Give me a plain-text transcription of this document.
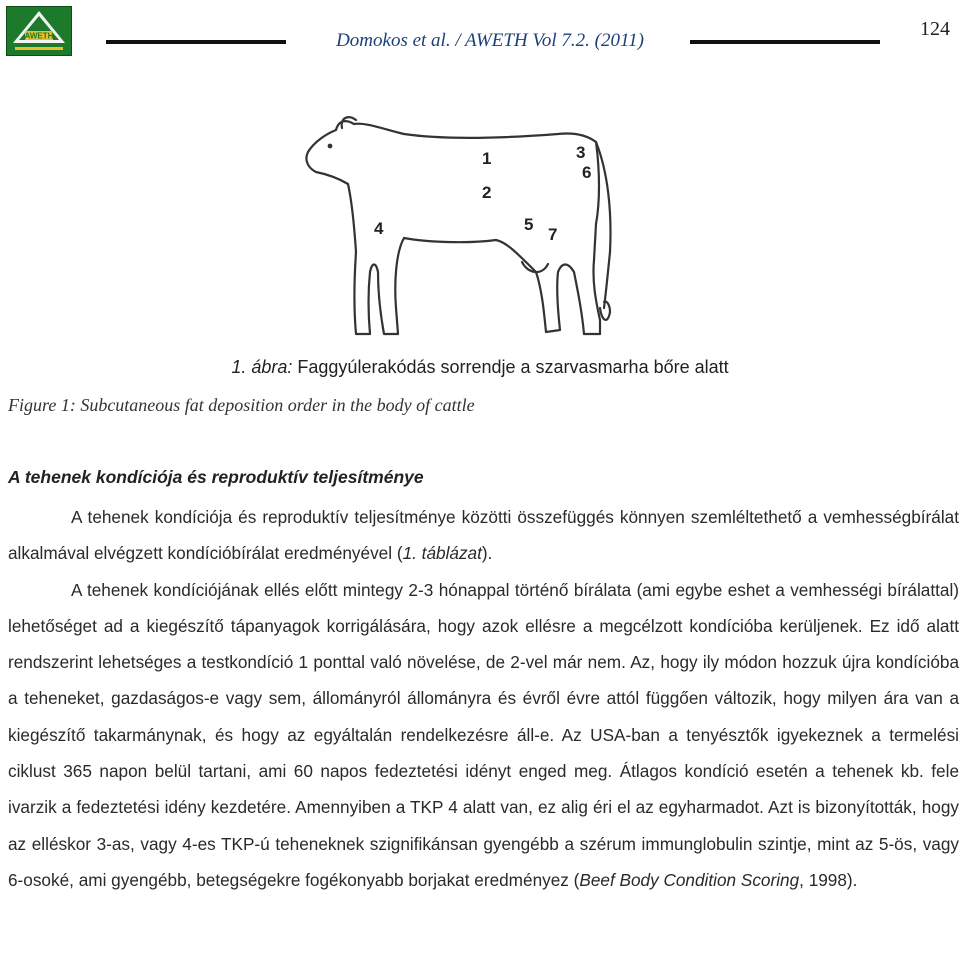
AWETH	Domokos et al. / AWETH Vol 7.2. (2011)
124
1
2
3
4	5
6
7
1. ábra: Faggyúlerakódás sorrendje a szarvasmarha bőre alatt
Figure 1: Subcutaneous fat deposition order in the body of cattle
A tehenek kondíciója és reproduktív teljesítménye

A tehenek kondíciója és reproduktív teljesítménye közötti összefüggés könnyen szemléltethető a vemhességbírálat alkalmával elvégzett kondícióbírálat eredményével (1. táblázat).

A tehenek kondíciójának ellés előtt mintegy 2-3 hónappal történő bírálata (ami egybe eshet a vemhességi bírálattal) lehetőséget ad a kiegészítő tápanyagok korrigálására, hogy azok ellésre a megcélzott kondícióba kerüljenek. Ez idő alatt rendszerint lehetséges a testkondíció 1 ponttal való növelése, de 2-vel már nem. Az, hogy ily módon hozzuk újra kondícióba a teheneket, gazdaságos-e vagy sem, állományról állományra és évről évre attól függően változik, hogy milyen ára van a kiegészítő takarmánynak, és hogy az egyáltalán rendelkezésre áll-e. Az USA-ban a tenyésztők igyekeznek a termelési ciklust 365 napon belül tartani, ami 60 napos fedeztetési idényt enged meg. Átlagos kondíció esetén a tehenek kb. fele ivarzik a fedeztetési idény kezdetére. Amennyiben a TKP 4 alatt van, ez alig éri el az egyharmadot. Azt is bizonyították, hogy az elléskor 3-as, vagy 4-es TKP-ú teheneknek szignifikánsan gyengébb a szérum immunglobulin szintje, mint az 5-ös, vagy 6-osoké, ami gyengébb, betegségekre fogékonyabb borjakat eredményez (Beef Body Condition Scoring, 1998).
